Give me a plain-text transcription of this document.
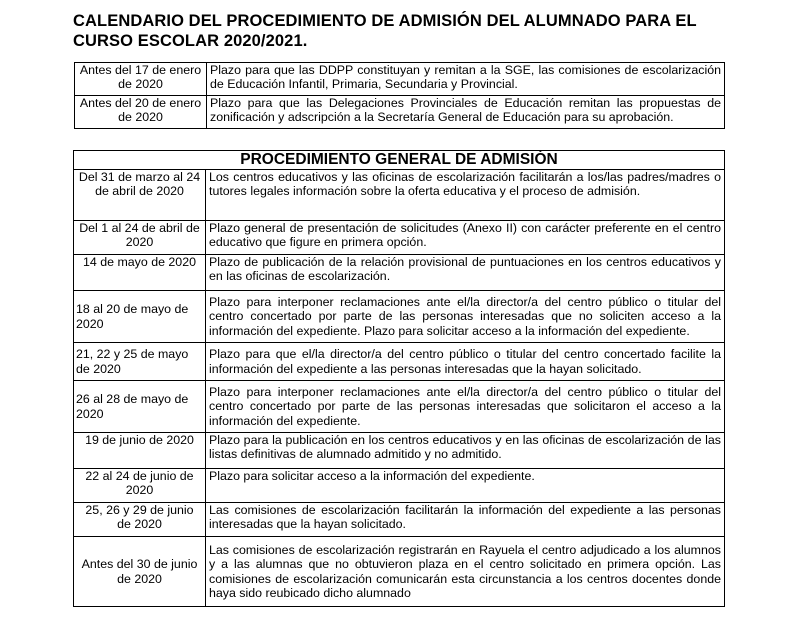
CALENDARIO DEL PROCEDIMIENTO DE ADMISIÓN DEL ALUMNADO PARA EL CURSO ESCOLAR 2020/2021.
Antes del 17 de enero de 2020	Plazo para que las DDPP constituyan y remitan a la SGE, las comisiones de escolarización de Educación Infantil, Primaria, Secundaria y Provincial.
Antes del 20 de enero de 2020	Plazo para que las Delegaciones Provinciales de Educación remitan las propuestas de zonificación y adscripción a la Secretaría General de Educación para su aprobación.
PROCEDIMIENTO GENERAL DE ADMISIÓN	
Del 31 de marzo al 24 de abril de 2020	Los centros educativos y las oficinas de escolarización facilitarán a los/las padres/madres o tutores legales información sobre la oferta educativa y el proceso de admisión.
Del 1 al 24 de abril de 2020	Plazo general de presentación de solicitudes (Anexo II) con carácter preferente en el centro educativo que figure en primera opción.
14 de mayo de 2020	Plazo de publicación de la relación provisional de puntuaciones en los centros educativos y en las oficinas de escolarización.
18 al 20 de mayo de 2020	Plazo para interponer reclamaciones ante el/la director/a del centro público o titular del centro concertado por parte de las personas interesadas que no soliciten acceso a la información del expediente. Plazo para solicitar acceso a la información del expediente.
21, 22 y 25 de mayo de 2020	Plazo para que el/la director/a del centro público o titular del centro concertado facilite la información del expediente a las personas interesadas que la hayan solicitado.
26 al 28 de mayo de 2020	Plazo para interponer reclamaciones ante el/la director/a del centro público o titular del centro concertado por parte de las personas interesadas que solicitaron el acceso a la información del expediente.
19 de junio de 2020	Plazo para la publicación en los centros educativos y en las oficinas de escolarización de las listas definitivas de alumnado admitido y no admitido.
22 al 24 de junio de 2020	Plazo para solicitar acceso a la información del expediente.
25, 26 y 29 de junio de 2020	Las comisiones de escolarización facilitarán la información del expediente a las personas interesadas que la hayan solicitado.
Antes del 30 de junio de 2020	Las comisiones de escolarización registrarán en Rayuela el centro adjudicado a los alumnos y a las alumnas que no obtuvieron plaza en el centro solicitado en primera opción. Las comisiones de escolarización comunicarán esta circunstancia a los centros docentes donde haya sido reubicado dicho alumnado
